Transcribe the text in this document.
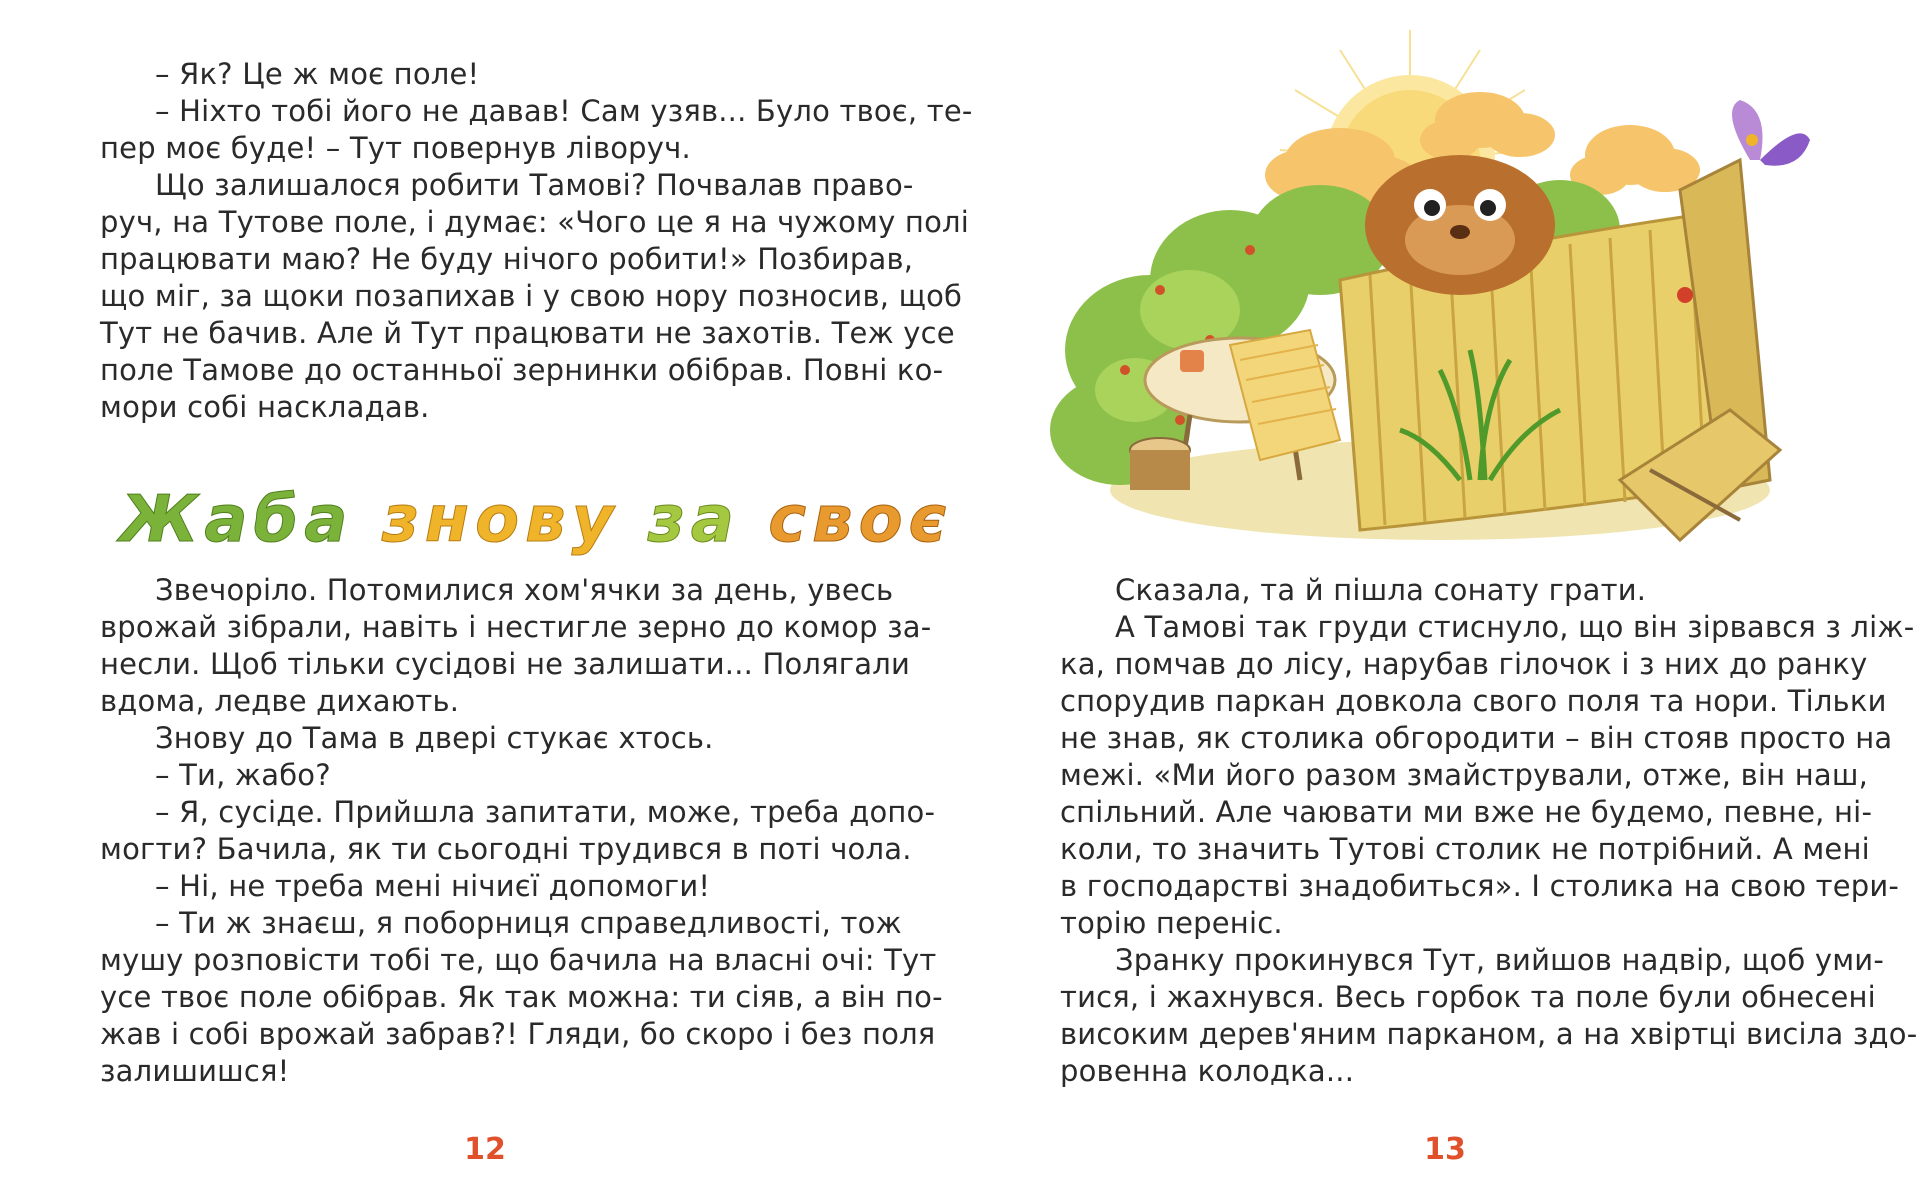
– Як? Це ж моє поле!
– Ніхто тобі його не давав! Сам узяв... Було твоє, те-
пер моє буде! – Тут повернув ліворуч.
Що залишалося робити Тамові? Почвалав право-
руч, на Тутове поле, і думає: «Чого це я на чужому полі
працювати маю? Не буду нічого робити!» Позбирав,
що міг, за щоки позапихав і у свою нору позносив, щоб
Тут не бачив. Але й Тут працювати не захотів. Теж усе
поле Тамове до останньої зернинки обібрав. Повні ко-
мори собі наскладав.
Жаба знову за своє
Звечоріло. Потомилися хом'ячки за день, увесь
врожай зібрали, навіть і нестигле зерно до комор за-
несли. Щоб тільки сусідові не залишати... Полягали
вдома, ледве дихають.
Знову до Тама в двері стукає хтось.
– Ти, жабо?
– Я, сусіде. Прийшла запитати, може, треба допо-
могти? Бачила, як ти сьогодні трудився в поті чола.
– Ні, не треба мені нічиєї допомоги!
– Ти ж знаєш, я поборниця справедливості, тож
мушу розповісти тобі те, що бачила на власні очі: Тут
усе твоє поле обібрав. Як так можна: ти сіяв, а він по-
жав і собі врожай забрав?! Гляди, бо скоро і без поля
залишишся!
12
Сказала, та й пішла сонату грати.
А Тамові так груди стиснуло, що він зірвався з ліж-
ка, помчав до лісу, нарубав гілочок і з них до ранку
спорудив паркан довкола свого поля та нори. Тільки
не знав, як столика обгородити – він стояв просто на
межі. «Ми його разом змайстрували, отже, він наш,
спільний. Але чаювати ми вже не будемо, певне, ні-
коли, то значить Тутові столик не потрібний. А мені
в господарстві знадобиться». І столика на свою тери-
торію переніс.
Зранку прокинувся Тут, вийшов надвір, щоб уми-
тися, і жахнувся. Весь горбок та поле були обнесені
високим дерев'яним парканом, а на хвіртці висіла здо-
ровенна колодка...
13
